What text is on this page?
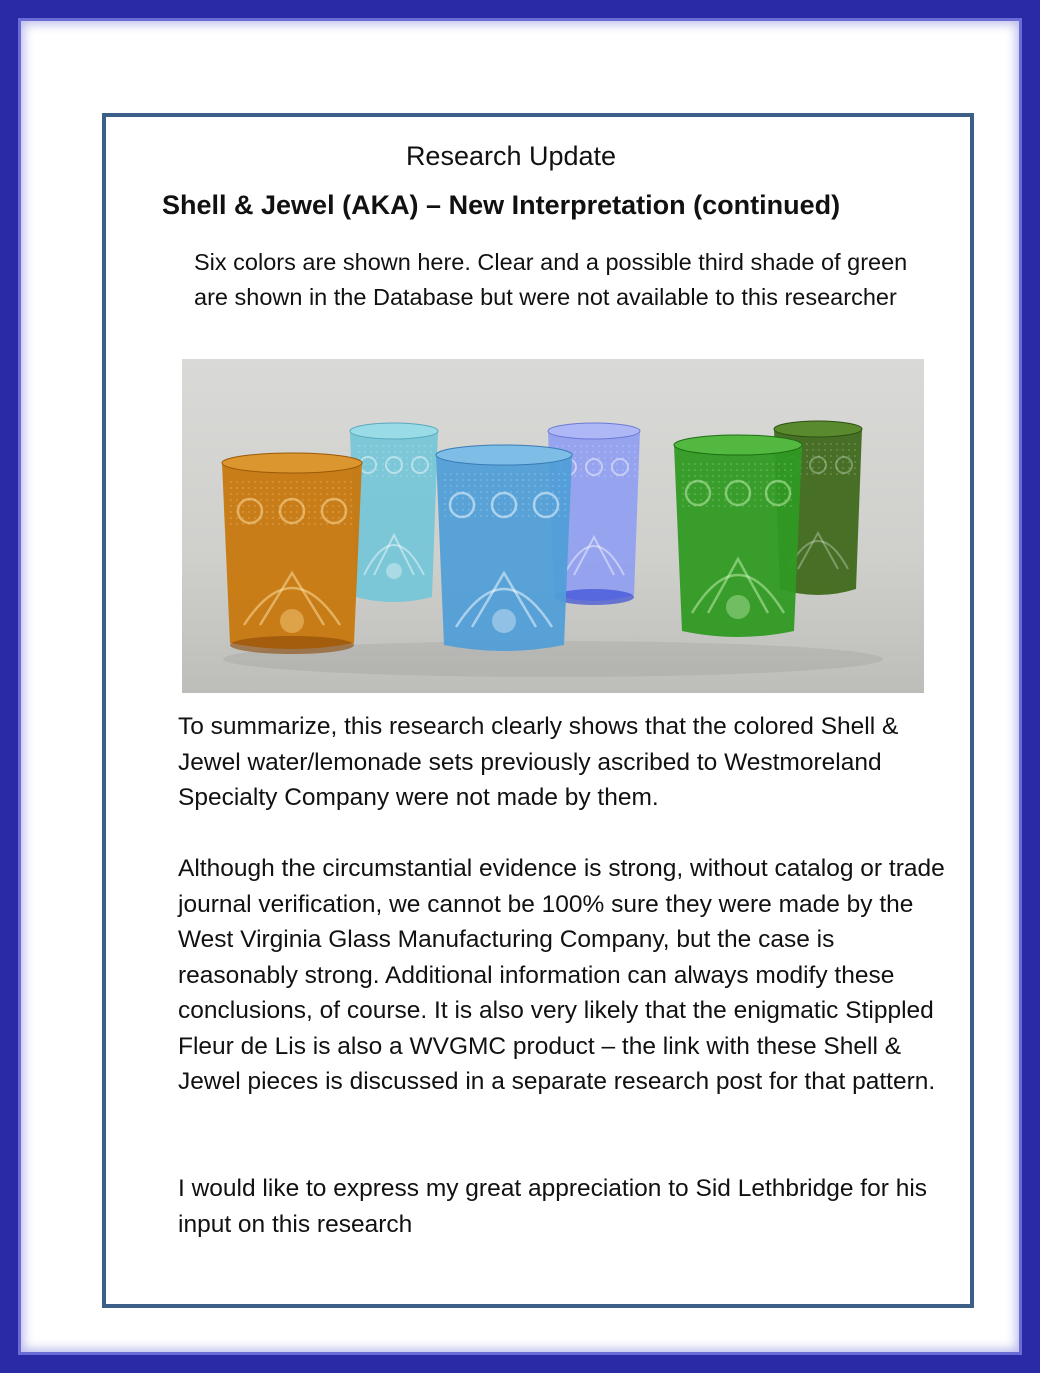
Research Update
Shell & Jewel (AKA) – New Interpretation (continued)
Six colors are shown here. Clear and a possible third shade of green are shown in the Database but were not available to this researcher
To summarize, this research clearly shows that the colored Shell & Jewel water/lemonade sets previously ascribed to Westmoreland Specialty Company were not made by them.
Although the circumstantial evidence is strong, without catalog or trade journal verification, we cannot be 100% sure they were made by the West Virginia Glass Manufacturing Company, but the case is reasonably strong. Additional information can always modify these conclusions, of course. It is also very likely that the enigmatic Stippled Fleur de Lis is also a WVGMC product – the link with these Shell & Jewel pieces is discussed in a separate research post for that pattern.
I would like to express my great appreciation to Sid Lethbridge for his input on this research
